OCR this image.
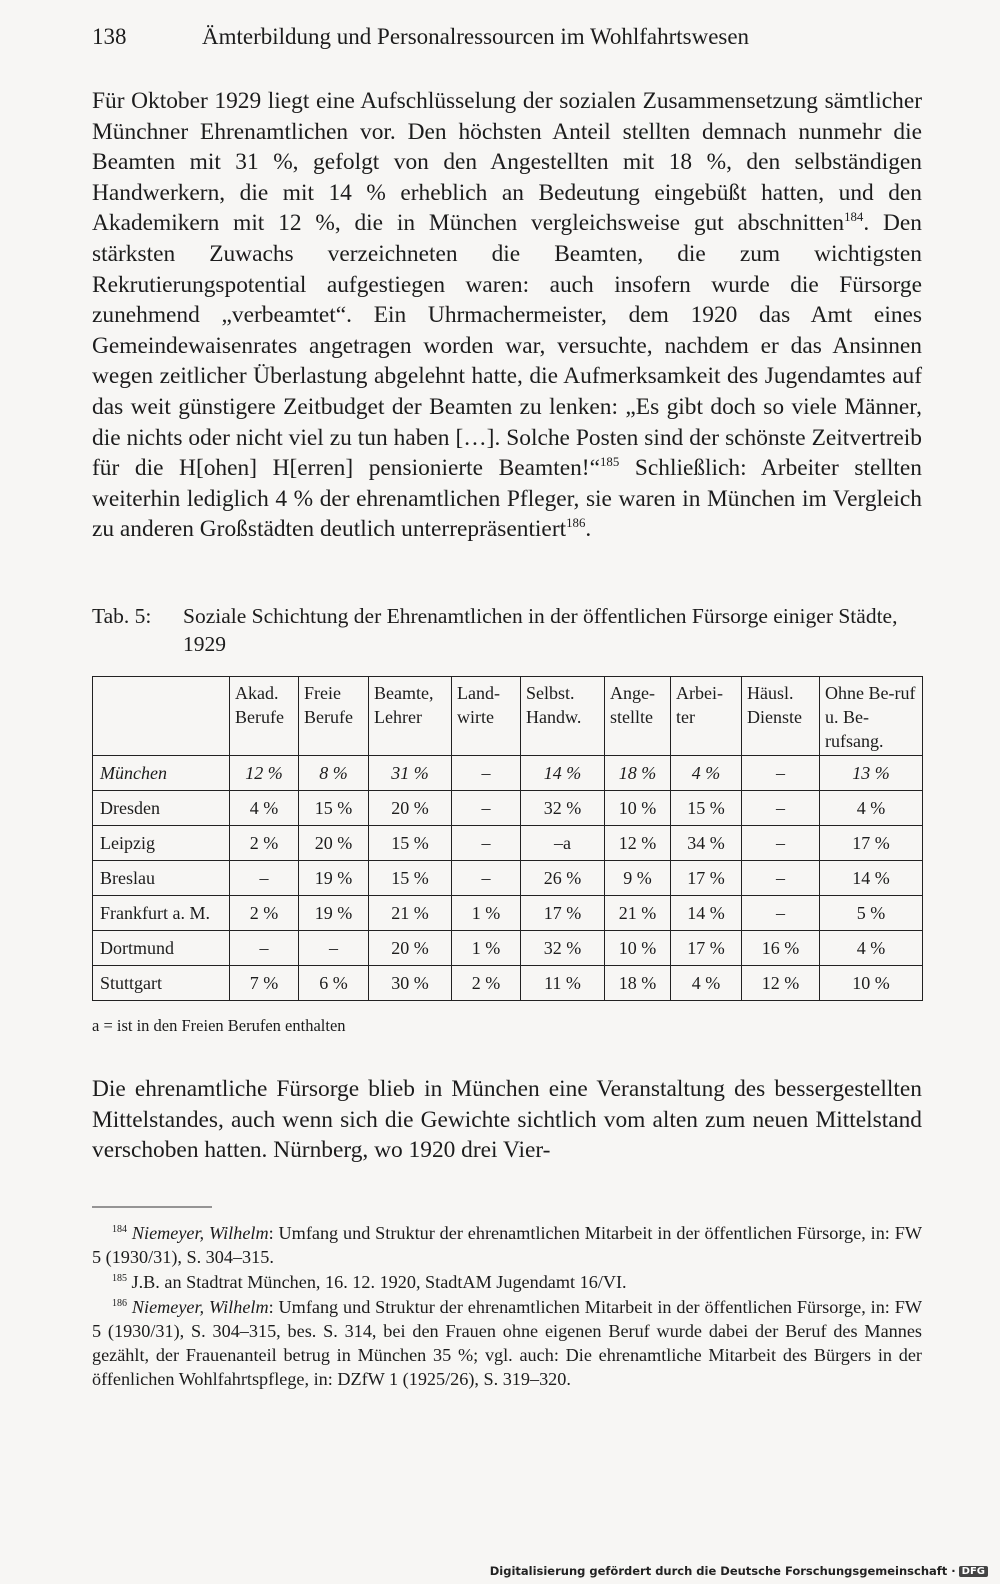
138	Ämterbildung und Personalressourcen im Wohlfahrtswesen

Für Oktober 1929 liegt eine Aufschlüsselung der sozialen Zusammensetzung sämtlicher Münchner Ehrenamtlichen vor. Den höchsten Anteil stellten demnach nunmehr die Beamten mit 31 %, gefolgt von den Angestellten mit 18 %, den selbständigen Handwerkern, die mit 14 % erheblich an Bedeutung eingebüßt hatten, und den Akademikern mit 12 %, die in München vergleichsweise gut abschnitten$^{184}$. Den stärksten Zuwachs verzeichneten die Beamten, die zum wichtigsten Rekrutierungspotential aufgestiegen waren: auch insofern wurde die Fürsorge zunehmend „verbeamtet“. Ein Uhrmachermeister, dem 1920 das Amt eines Gemeindewaisenrates angetragen worden war, versuchte, nachdem er das Ansinnen wegen zeitlicher Überlastung abgelehnt hatte, die Aufmerksamkeit des Jugendamtes auf das weit günstigere Zeitbudget der Beamten zu lenken: „Es gibt doch so viele Männer, die nichts oder nicht viel zu tun haben […]. Solche Posten sind der schönste Zeitvertreib für die H[ohen] H[erren] pensionierte Beamten!“$^{185}$ Schließlich: Arbeiter stellten weiterhin lediglich 4 % der ehrenamtlichen Pfleger, sie waren in München im Vergleich zu anderen Großstädten deutlich unterrepräsentiert$^{186}$.

Tab. 5: Soziale Schichtung der Ehrenamtlichen in der öffentlichen Fürsorge einiger Städte, 1929
	Akad. Berufe	Freie Berufe	Beamte, Lehrer	Land-wirte	Selbst. Handw.	Ange-stellte	Arbei-ter	Häusl. Dienste	Ohne Be-ruf u. Be-rufsang.
München	12 %	8 %	31 %	–	14 %	18 %	4 %	–	13 %
Dresden	4 %	15 %	20 %	–	32 %	10 %	15 %	–	4 %
Leipzig	2 %	20 %	15 %	–	–a	12 %	34 %	–	17 %
Breslau	–	19 %	15 %	–	26 %	9 %	17 %	–	14 %
Frankfurt a. M.	2 %	19 %	21 %	1 %	17 %	21 %	14 %	–	5 %
Dortmund	–	–	20 %	1 %	32 %	10 %	17 %	16 %	4 %
Stuttgart	7 %	6 %	30 %	2 %	11 %	18 %	4 %	12 %	10 %
a = ist in den Freien Berufen enthalten

Die ehrenamtliche Fürsorge blieb in München eine Veranstaltung des bessergestellten Mittelstandes, auch wenn sich die Gewichte sichtlich vom alten zum neuen Mittelstand verschoben hatten. Nürnberg, wo 1920 drei Vier-

$^{184}$ Niemeyer, Wilhelm: Umfang und Struktur der ehrenamtlichen Mitarbeit in der öffentlichen Fürsorge, in: FW 5 (1930/31), S. 304–315.

$^{185}$ J.B. an Stadtrat München, 16. 12. 1920, StadtAM Jugendamt 16/VI.

$^{186}$ Niemeyer, Wilhelm: Umfang und Struktur der ehrenamtlichen Mitarbeit in der öffentlichen Fürsorge, in: FW 5 (1930/31), S. 304–315, bes. S. 314, bei den Frauen ohne eigenen Beruf wurde dabei der Beruf des Mannes gezählt, der Frauenanteil betrug in München 35 %; vgl. auch: Die ehrenamtliche Mitarbeit des Bürgers in der öffenlichen Wohlfahrtspflege, in: DZfW 1 (1925/26), S. 319–320.

Digitalisierung gefördert durch die Deutsche Forschungsgemeinschaft · DFG
